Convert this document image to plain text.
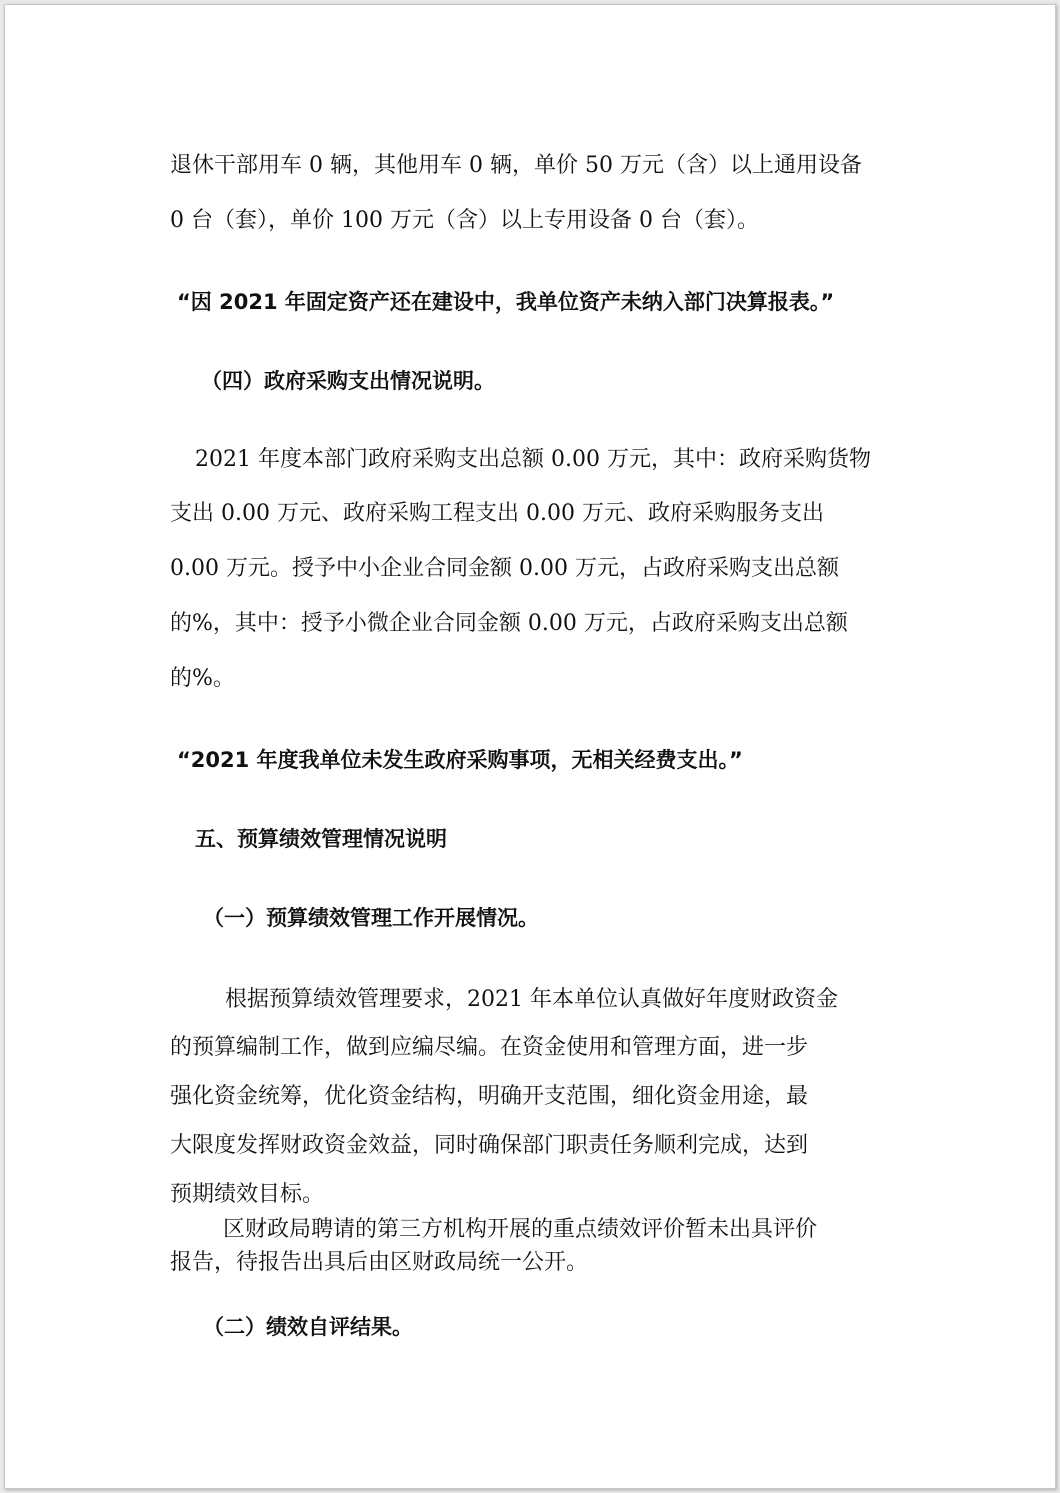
退休干部用车 0 辆，其他用车 0 辆，单价 50 万元（含）以上通用设备

0 台（套），单价 100 万元（含）以上专用设备 0 台（套）。

“因 2021 年固定资产还在建设中，我单位资产未纳入部门决算报表。”

（四）政府采购支出情况说明。

2021 年度本部门政府采购支出总额 0.00 万元，其中：政府采购货物

支出 0.00 万元、政府采购工程支出 0.00 万元、政府采购服务支出

0.00 万元。授予中小企业合同金额 0.00 万元，占政府采购支出总额

的%，其中：授予小微企业合同金额 0.00 万元，占政府采购支出总额

的%。

“2021 年度我单位未发生政府采购事项，无相关经费支出。”

五、预算绩效管理情况说明

（一）预算绩效管理工作开展情况。

根据预算绩效管理要求，2021 年本单位认真做好年度财政资金

的预算编制工作，做到应编尽编。在资金使用和管理方面，进一步

强化资金统筹，优化资金结构，明确开支范围，细化资金用途，最

大限度发挥财政资金效益，同时确保部门职责任务顺利完成，达到

预期绩效目标。

区财政局聘请的第三方机构开展的重点绩效评价暂未出具评价

报告，待报告出具后由区财政局统一公开。

（二）绩效自评结果。
